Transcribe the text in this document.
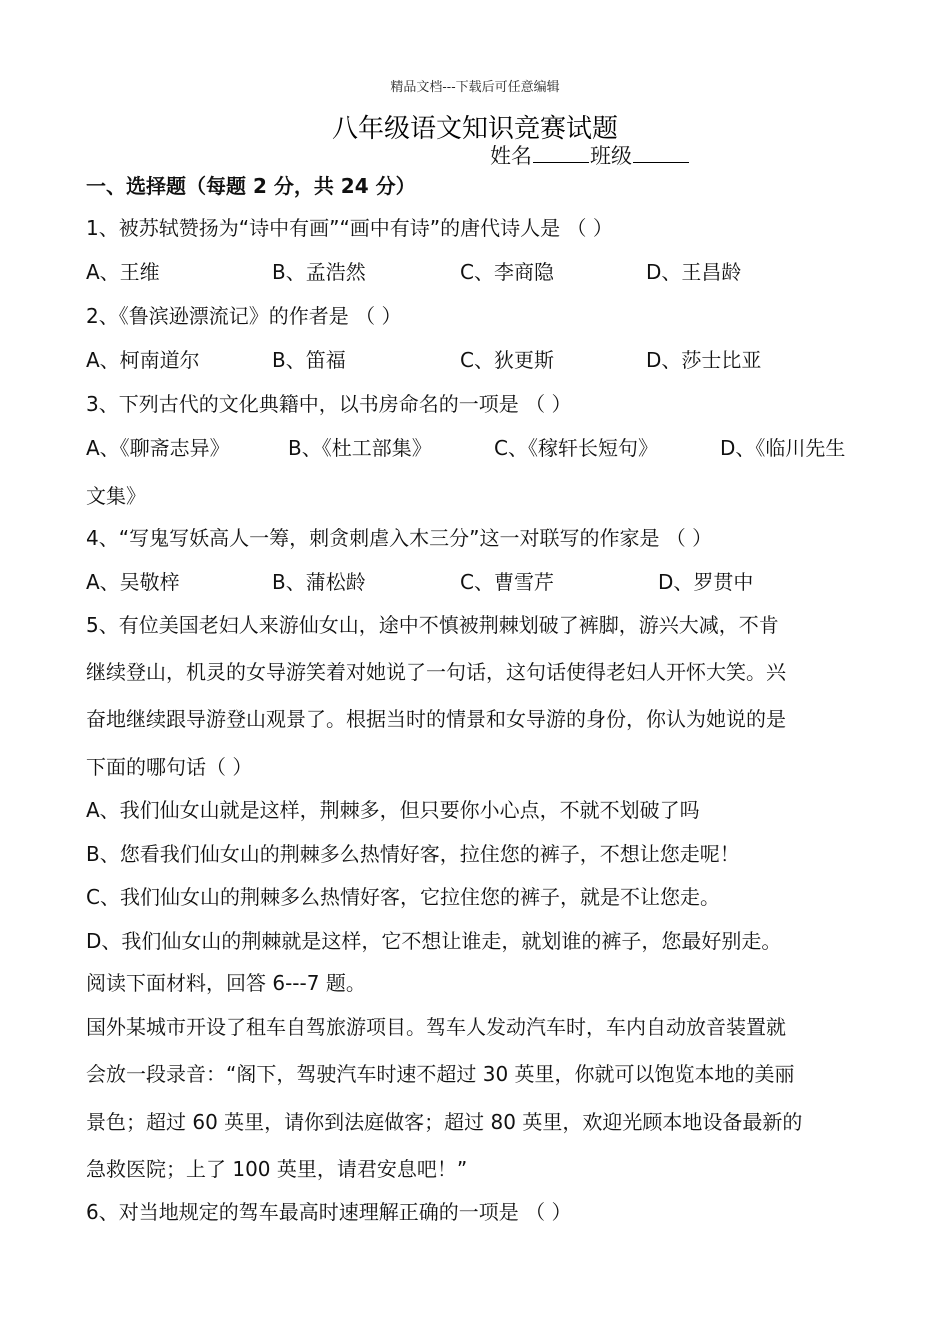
精品文档---下载后可任意编辑
八年级语文知识竞赛试题
姓名	班级
一、选择题（每题 2 分，共 24 分）
1、被苏轼赞扬为“诗中有画”“画中有诗”的唐代诗人是 （ ）
A、王维	B、孟浩然	C、李商隐	D、王昌龄
2、《鲁滨逊漂流记》的作者是 （ ）
A、柯南道尔	B、笛福	C、狄更斯	D、莎士比亚
3、下列古代的文化典籍中，以书房命名的一项是 （ ）
A、《聊斋志异》	B、《杜工部集》	C、《稼轩长短句》	D、《临川先生
文集》
4、“写鬼写妖高人一筹，刺贪刺虐入木三分”这一对联写的作家是 （ ）
A、吴敬梓	B、蒲松龄	C、曹雪芹	D、罗贯中
5、有位美国老妇人来游仙女山，途中不慎被荆棘划破了裤脚，游兴大减，不肯
继续登山，机灵的女导游笑着对她说了一句话，这句话使得老妇人开怀大笑。兴
奋地继续跟导游登山观景了。根据当时的情景和女导游的身份，你认为她说的是
下面的哪句话（ ）
A、我们仙女山就是这样，荆棘多，但只要你小心点，不就不划破了吗
B、您看我们仙女山的荆棘多么热情好客，拉住您的裤子，不想让您走呢！
C、我们仙女山的荆棘多么热情好客，它拉住您的裤子，就是不让您走。
D、我们仙女山的荆棘就是这样，它不想让谁走，就划谁的裤子，您最好别走。
阅读下面材料，回答 6---7 题。
国外某城市开设了租车自驾旅游项目。驾车人发动汽车时，车内自动放音装置就
会放一段录音：“阁下，驾驶汽车时速不超过 30 英里，你就可以饱览本地的美丽
景色；超过 60 英里，请你到法庭做客；超过 80 英里，欢迎光顾本地设备最新的
急救医院；上了 100 英里，请君安息吧！”
6、对当地规定的驾车最高时速理解正确的一项是 （ ）
